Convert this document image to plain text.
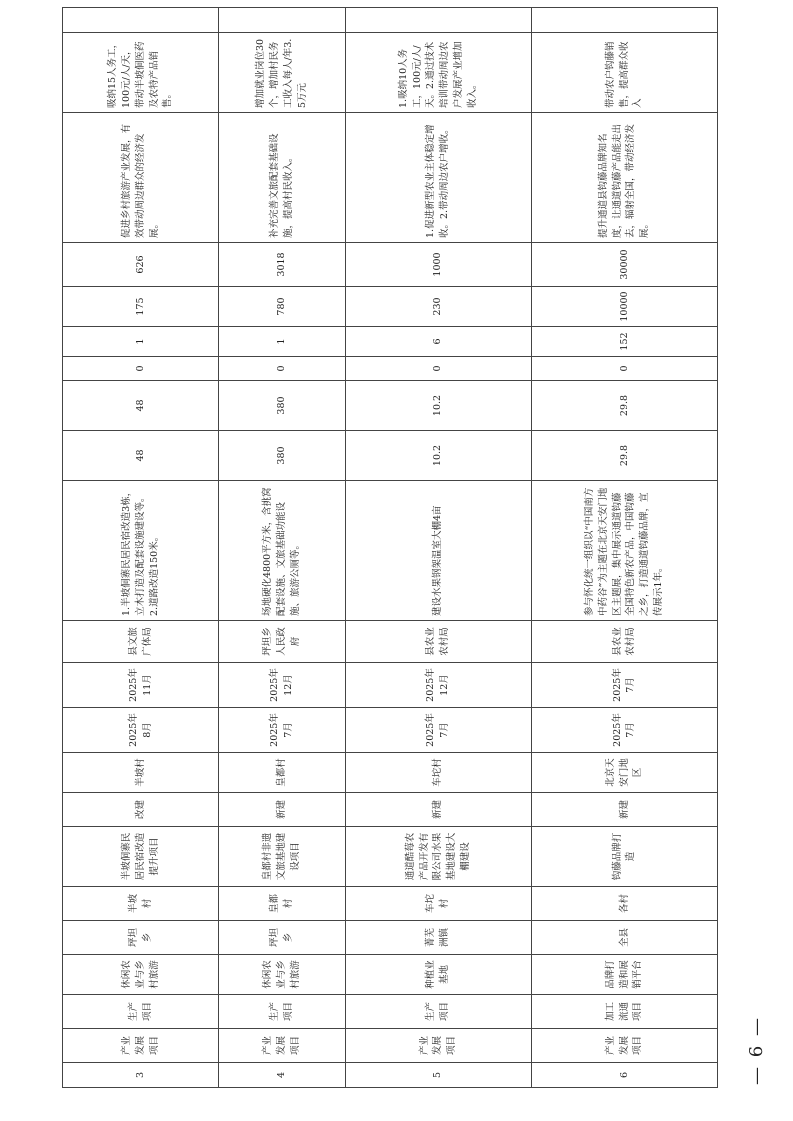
3	产业发展项目	生产项目	休闲农业与乡村旅游	坪坦乡	半坡村	半坡侗寨民居民宿改造提升项目	改建	半坡村	2025年8月	2025年11月	县文旅广体局	1.半坡侗寨民居民宿改造3栋，立木打造及配套设施建设等。2.道路改造150米。	48	48	0	1	175	626	促进乡村旅游产业发展，有效带动周边群众的经济发展。	吸纳15人务工，100元/人/天，带动半坡侗医药及农特产品销售。	
4	产业发展项目	生产项目	休闲农业与乡村旅游	坪坦乡	皇都村	皇都村非遗文旅基地建设项目	新建	皇都村	2025年7月	2025年12月	坪坦乡人民政府	场地硬化4800平方米，含挑窝配套设施、文旅基础功能设施、旅游公厕等。	380	380	0	1	780	3018	补充完善文旅配套基础设施，提高村民收入。	增加就业岗位30个，增加村民务工收入每人/年3.5万元	
5	产业发展项目	生产项目	种植业基地	菁芜洲镇	车坨村	通道酷莓农产品开发有限公司水果基地建设大棚建设	新建	车坨村	2025年7月	2025年12月	县农业农村局	建设水果钢架温室大棚4亩	10.2	10.2	0	6	230	1000	1.促进新型农业主体稳定增收。2.带动周边农户增收。	1.吸纳10人务工，100元/人/天。2.通过技术培训带动周边农户发展产业增加收入。	
6	产业发展项目	加工流通项目	品牌打造和展销平台	全县	各村	钩藤品牌打造	新建	北京天安门地区	2025年7月	2025年7月	县农业农村局	参与怀化统一组织以“中国南方中药谷”为主题在北京天安门地区主题展，集中展示通道钩藤全国特色新农产品，中国钩藤之乡，打造通道钩藤品牌，宣传展示1年。	29.8	29.8	0	152	10000	30000	提升通道县钩藤品牌知名度，让通道钩藤产品能走出去，辐射全国，带动经济发展。	带动农户钩藤销售，提高群众收入	
— 6 —
